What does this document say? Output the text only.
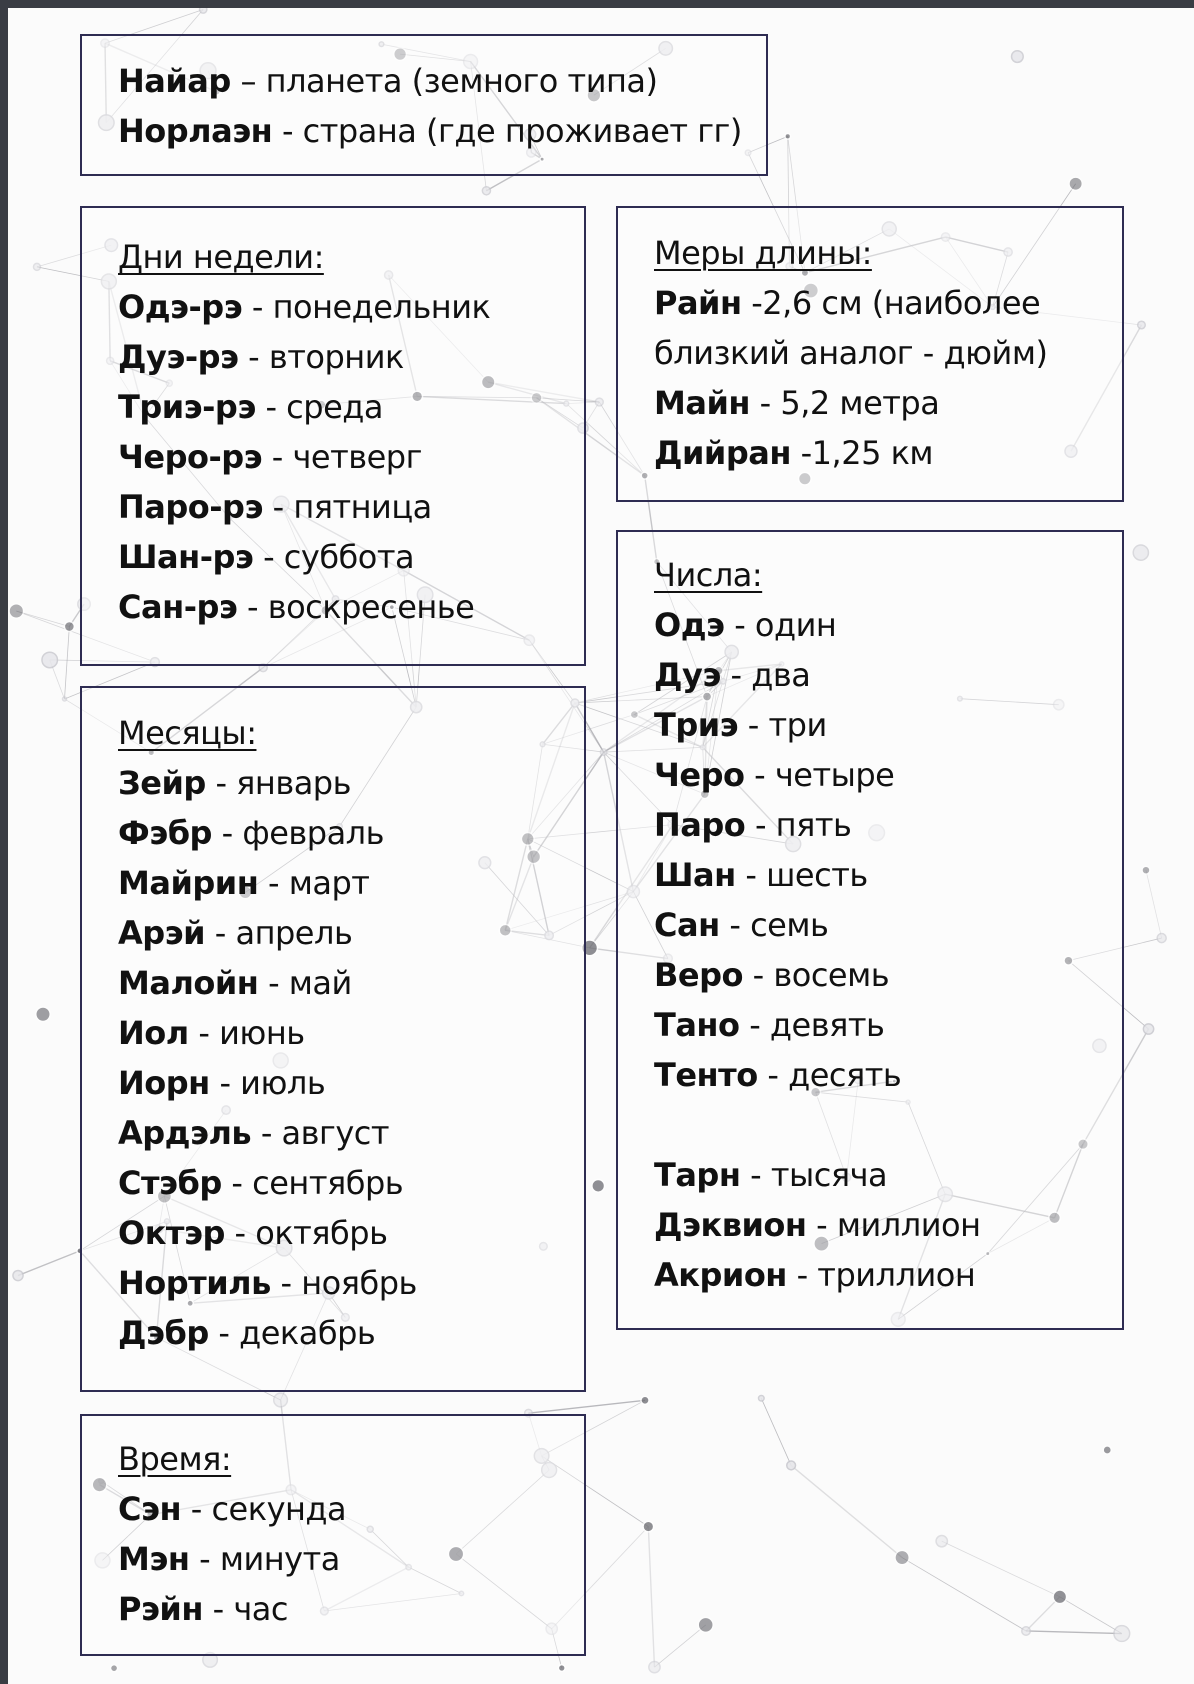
Найар – планета (земного типа)
Норлаэн - страна (где проживает гг)
Дни недели:
Одэ-рэ - понедельник
Дуэ-рэ - вторник
Триэ-рэ - среда
Черо-рэ - четверг
Паро-рэ - пятница
Шан-рэ - суббота
Сан-рэ - воскресенье
Месяцы:
Зейр - январь
Фэбр - февраль
Майрин - март
Арэй - апрель
Малойн - май
Иол - июнь
Иорн - июль
Ардэль - август
Стэбр - сентябрь
Октэр - октябрь
Нортиль - ноябрь
Дэбр - декабрь
Время:
Сэн - секунда
Мэн - минута
Рэйн - час
Меры длины:
Райн -2,6 см (наиболее
близкий аналог - дюйм)
Майн - 5,2 метра
Дийран -1,25 км
Числа:
Одэ - один
Дуэ - два
Триэ - три
Черо - четыре
Паро - пять
Шан - шесть
Сан - семь
Веро - восемь
Тано - девять
Тенто - десять
Тарн - тысяча
Дэквион - миллион
Акрион - триллион
